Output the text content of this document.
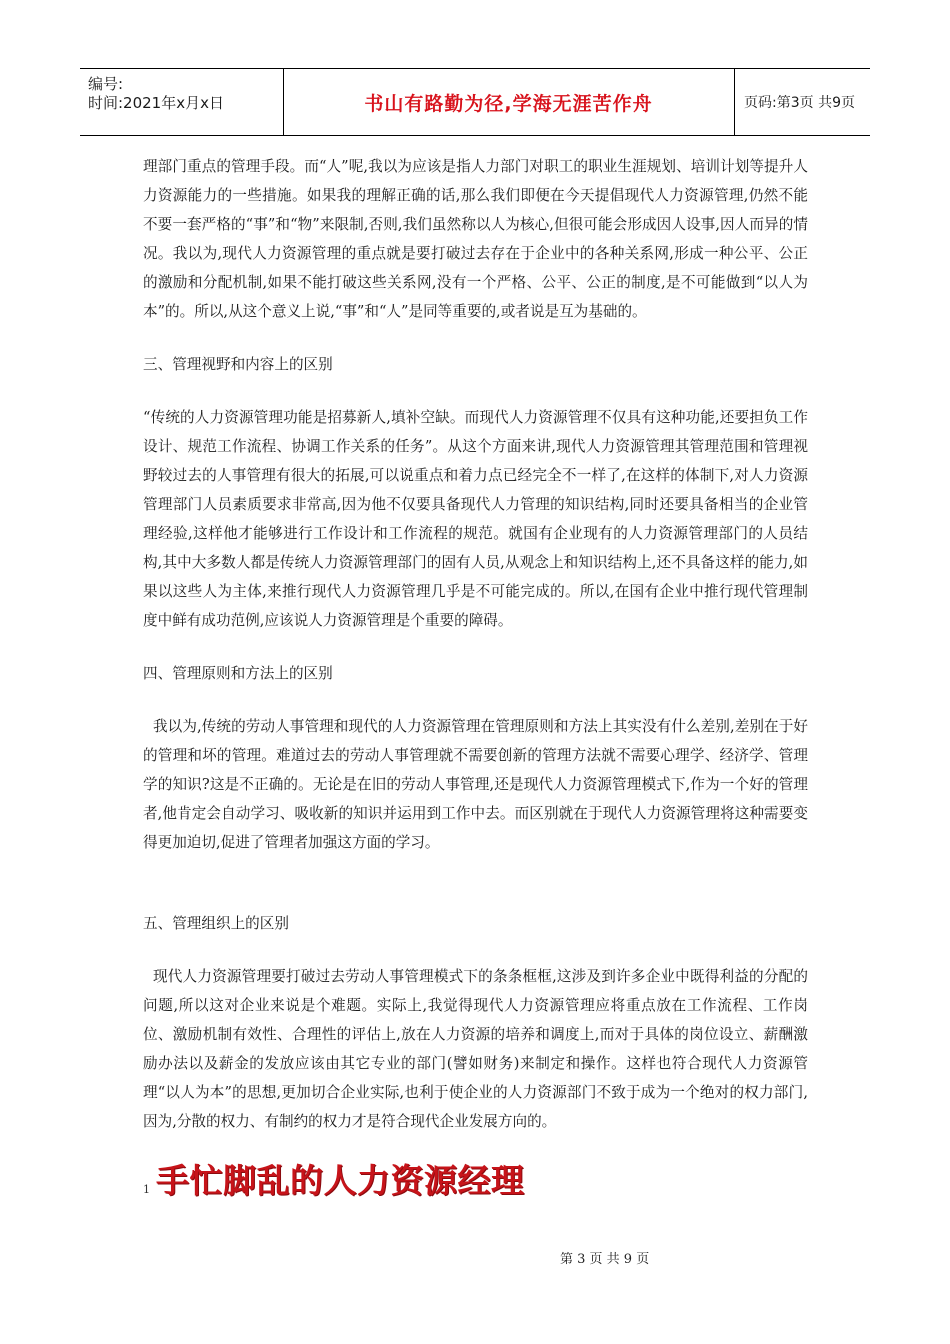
编号:
时间:2021年x月x日	书山有路勤为径,学海无涯苦作舟	页码:第3页 共9页

理部门重点的管理手段。而“人”呢,我以为应该是指人力部门对职工的职业生涯规划、培训计划等提升人力资源能力的一些措施。如果我的理解正确的话,那么我们即便在今天提倡现代人力资源管理,仍然不能不要一套严格的“事”和“物”来限制,否则,我们虽然称以人为核心,但很可能会形成因人设事,因人而异的情况。我以为,现代人力资源管理的重点就是要打破过去存在于企业中的各种关系网,形成一种公平、公正的激励和分配机制,如果不能打破这些关系网,没有一个严格、公平、公正的制度,是不可能做到“以人为本”的。所以,从这个意义上说,“事”和“人”是同等重要的,或者说是互为基础的。

三、管理视野和内容上的区别

“传统的人力资源管理功能是招募新人,填补空缺。而现代人力资源管理不仅具有这种功能,还要担负工作设计、规范工作流程、协调工作关系的任务”。从这个方面来讲,现代人力资源管理其管理范围和管理视野较过去的人事管理有很大的拓展,可以说重点和着力点已经完全不一样了,在这样的体制下,对人力资源管理部门人员素质要求非常高,因为他不仅要具备现代人力管理的知识结构,同时还要具备相当的企业管理经验,这样他才能够进行工作设计和工作流程的规范。就国有企业现有的人力资源管理部门的人员结构,其中大多数人都是传统人力资源管理部门的固有人员,从观念上和知识结构上,还不具备这样的能力,如果以这些人为主体,来推行现代人力资源管理几乎是不可能完成的。所以,在国有企业中推行现代管理制度中鲜有成功范例,应该说人力资源管理是个重要的障碍。

四、管理原则和方法上的区别

我以为,传统的劳动人事管理和现代的人力资源管理在管理原则和方法上其实没有什么差别,差别在于好的管理和坏的管理。难道过去的劳动人事管理就不需要创新的管理方法就不需要心理学、经济学、管理学的知识?这是不正确的。无论是在旧的劳动人事管理,还是现代人力资源管理模式下,作为一个好的管理者,他肯定会自动学习、吸收新的知识并运用到工作中去。而区别就在于现代人力资源管理将这种需要变得更加迫切,促进了管理者加强这方面的学习。

五、管理组织上的区别

现代人力资源管理要打破过去劳动人事管理模式下的条条框框,这涉及到许多企业中既得利益的分配的问题,所以这对企业来说是个难题。实际上,我觉得现代人力资源管理应将重点放在工作流程、工作岗位、激励机制有效性、合理性的评估上,放在人力资源的培养和调度上,而对于具体的岗位设立、薪酬激励办法以及薪金的发放应该由其它专业的部门(譬如财务)来制定和操作。这样也符合现代人力资源管理“以人为本”的思想,更加切合企业实际,也利于使企业的人力资源部门不致于成为一个绝对的权力部门,因为,分散的权力、有制约的权力才是符合现代企业发展方向的。

1 手忙脚乱的人力资源经理
第 3 页 共 9 页
